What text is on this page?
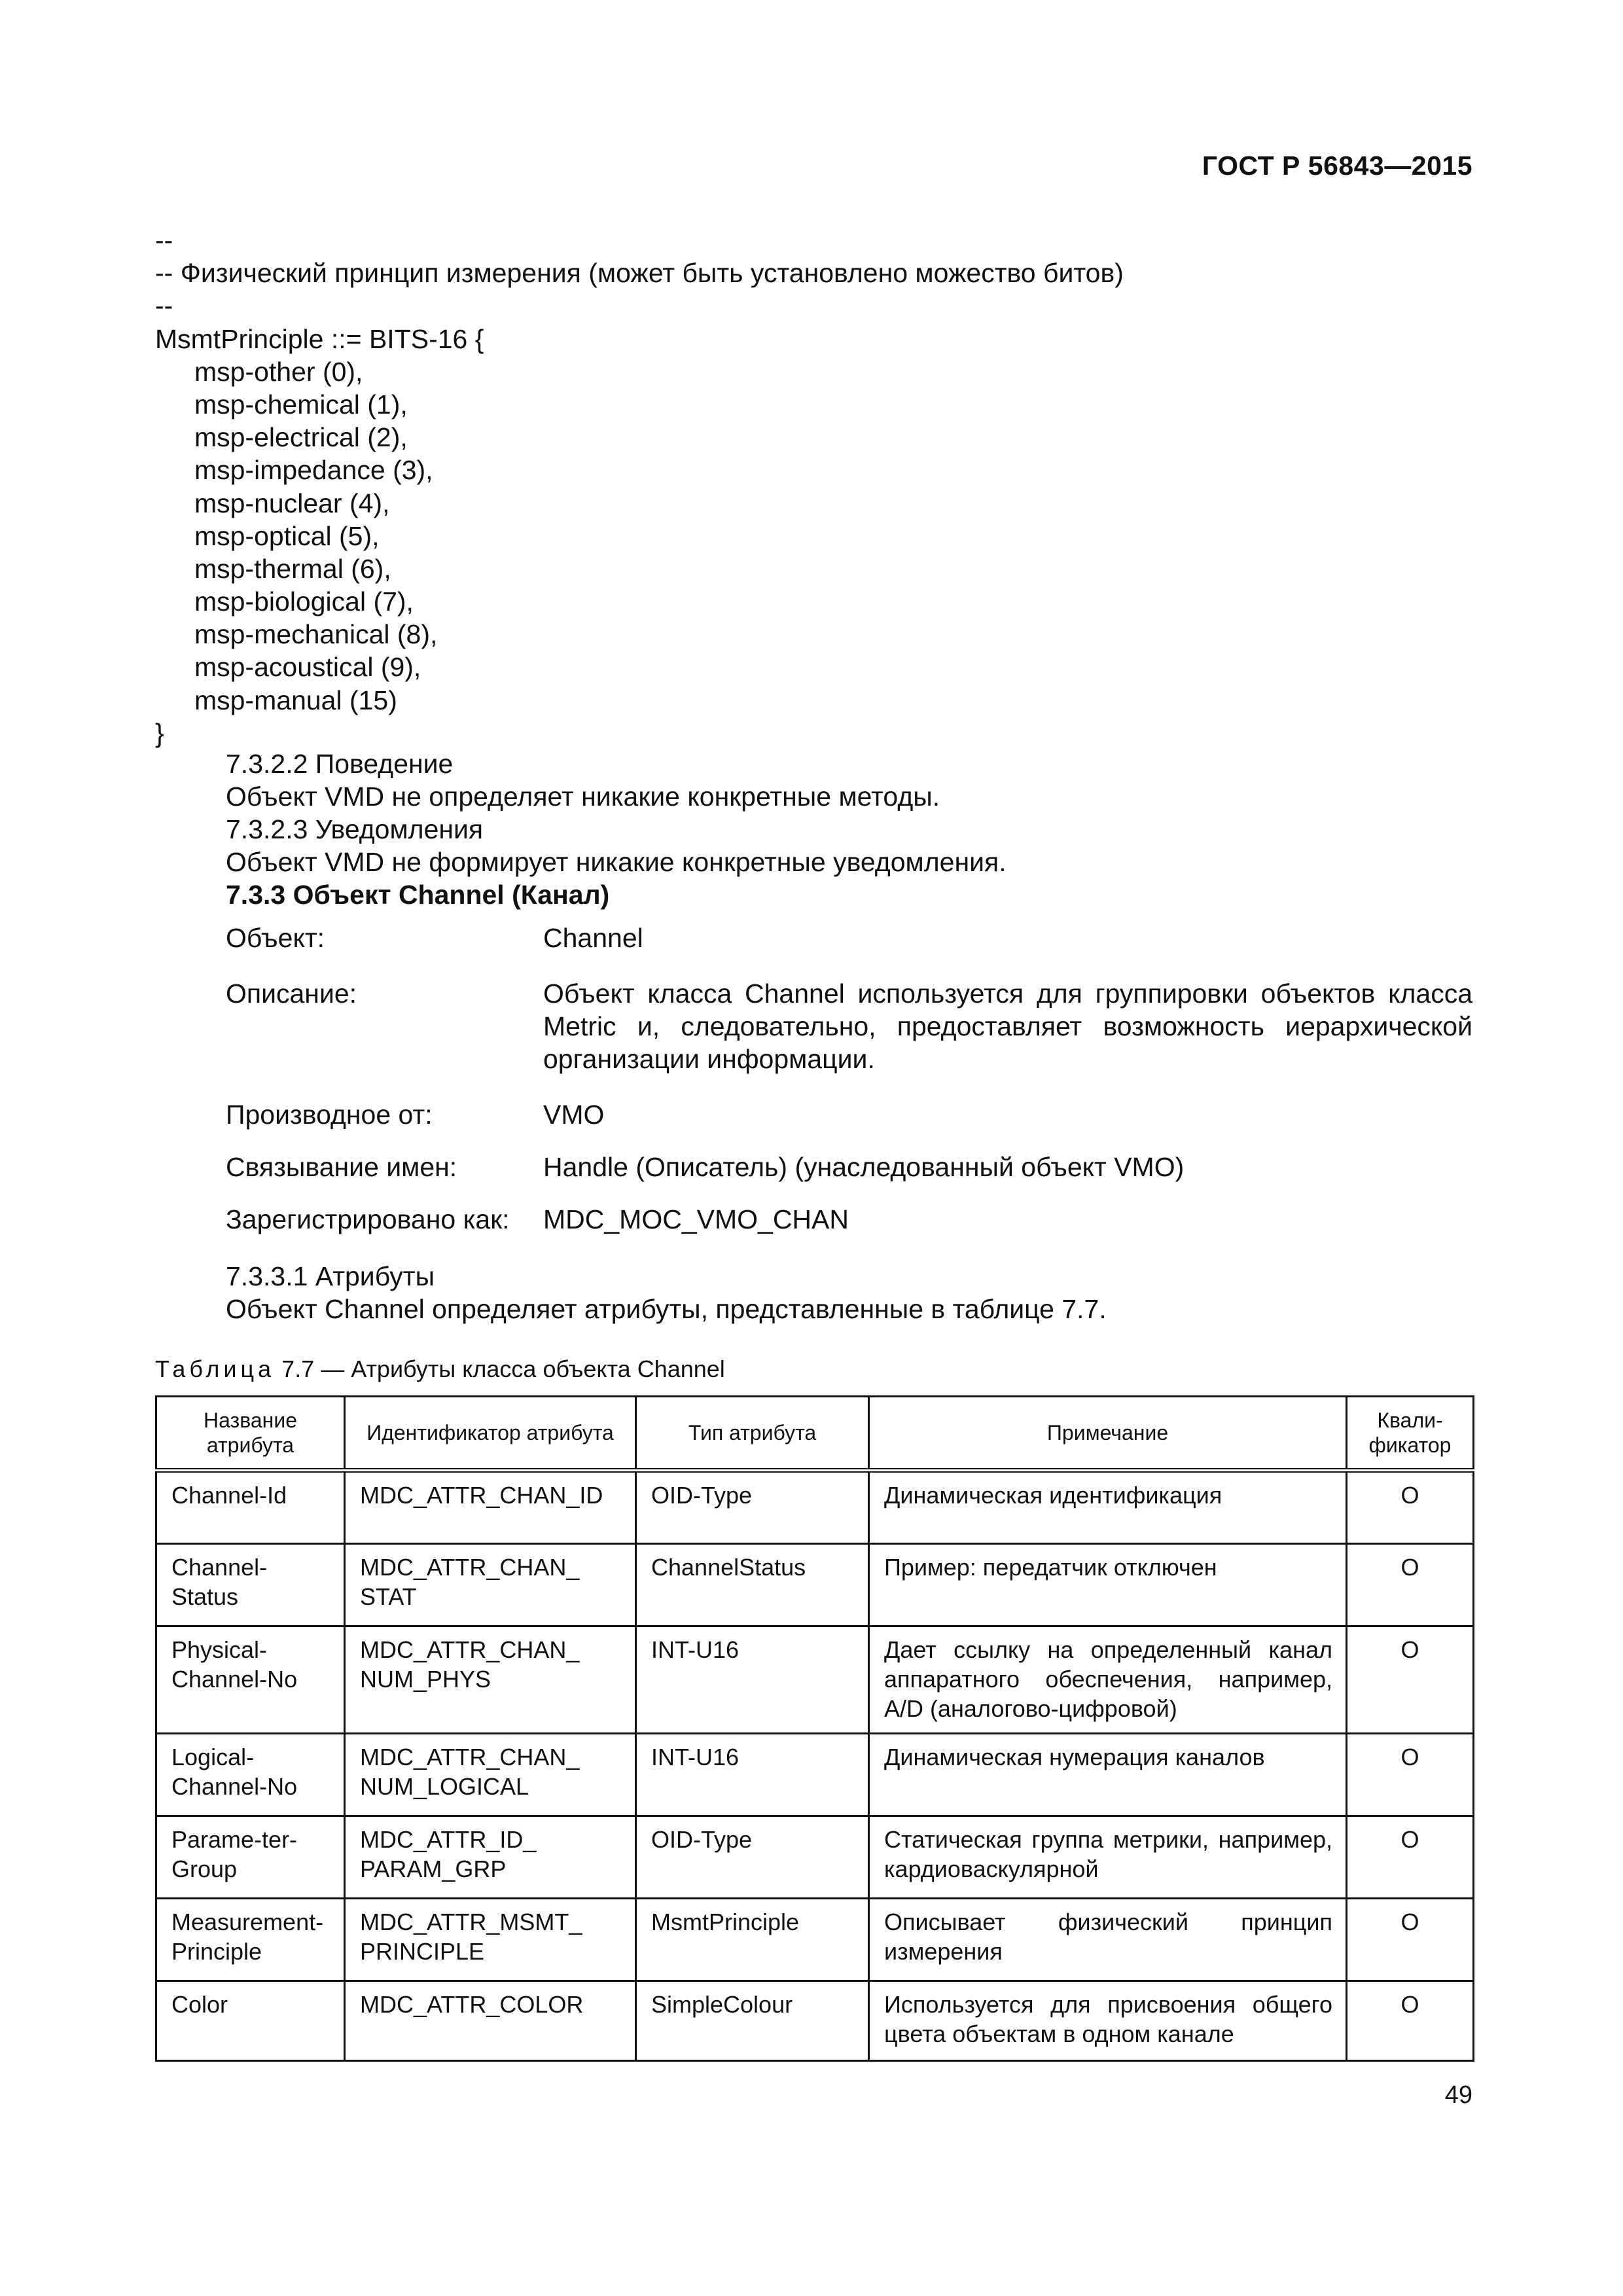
ГОСТ Р 56843—2015
--
-- Физический принцип измерения (может быть установлено можество битов)
--
MsmtPrinciple ::= BITS-16 {
msp-other (0),
msp-chemical (1),
msp-electrical (2),
msp-impedance (3),
msp-nuclear (4),
msp-optical (5),
msp-thermal (6),
msp-biological (7),
msp-mechanical (8),
msp-acoustical (9),
msp-manual (15)
}
7.3.2.2 Поведение
Объект VMD не определяет никакие конкретные методы.
7.3.2.3 Уведомления
Объект VMD не формирует никакие конкретные уведомления.
7.3.3 Объект Channel (Канал)
Объект:	Channel
Описание:	Объект класса Channel используется для группировки объектов класса Metric и, следовательно, предоставляет возможность иерархической организации информации.
Производное от:	VMO
Связывание имен:	Handle (Описатель) (унаследованный объект VMO)
Зарегистрировано как:	MDC_MOC_VMO_CHAN
7.3.3.1 Атрибуты
Объект Channel определяет атрибуты, представленные в таблице 7.7.
Таблица 7.7 — Атрибуты класса объекта Channel
Название атрибута	Идентификатор атрибута	Тип атрибута	Примечание	Квали-фикатор
Channel-Id	MDC_ATTR_CHAN_ID	OID-Type	Динамическая идентификация	O
Channel-Status	MDC_ATTR_CHAN_ STAT	ChannelStatus	Пример: передатчик отключен	O
Physical-Channel-No	MDC_ATTR_CHAN_ NUM_PHYS	INT-U16	Дает ссылку на определенный канал аппаратного обеспечения, например, A/D (аналогово-цифровой)	O
Logical-Channel-No	MDC_ATTR_CHAN_ NUM_LOGICAL	INT-U16	Динамическая нумерация каналов	O
Parame-ter-Group	MDC_ATTR_ID_ PARAM_GRP	OID-Type	Статическая группа метрики, например, кардиоваскулярной	O
Measurement-Principle	MDC_ATTR_MSMT_ PRINCIPLE	MsmtPrinciple	Описывает физический принцип измерения	O
Color	MDC_ATTR_COLOR	SimpleColour	Используется для присвоения общего цвета объектам в одном канале	O
49
